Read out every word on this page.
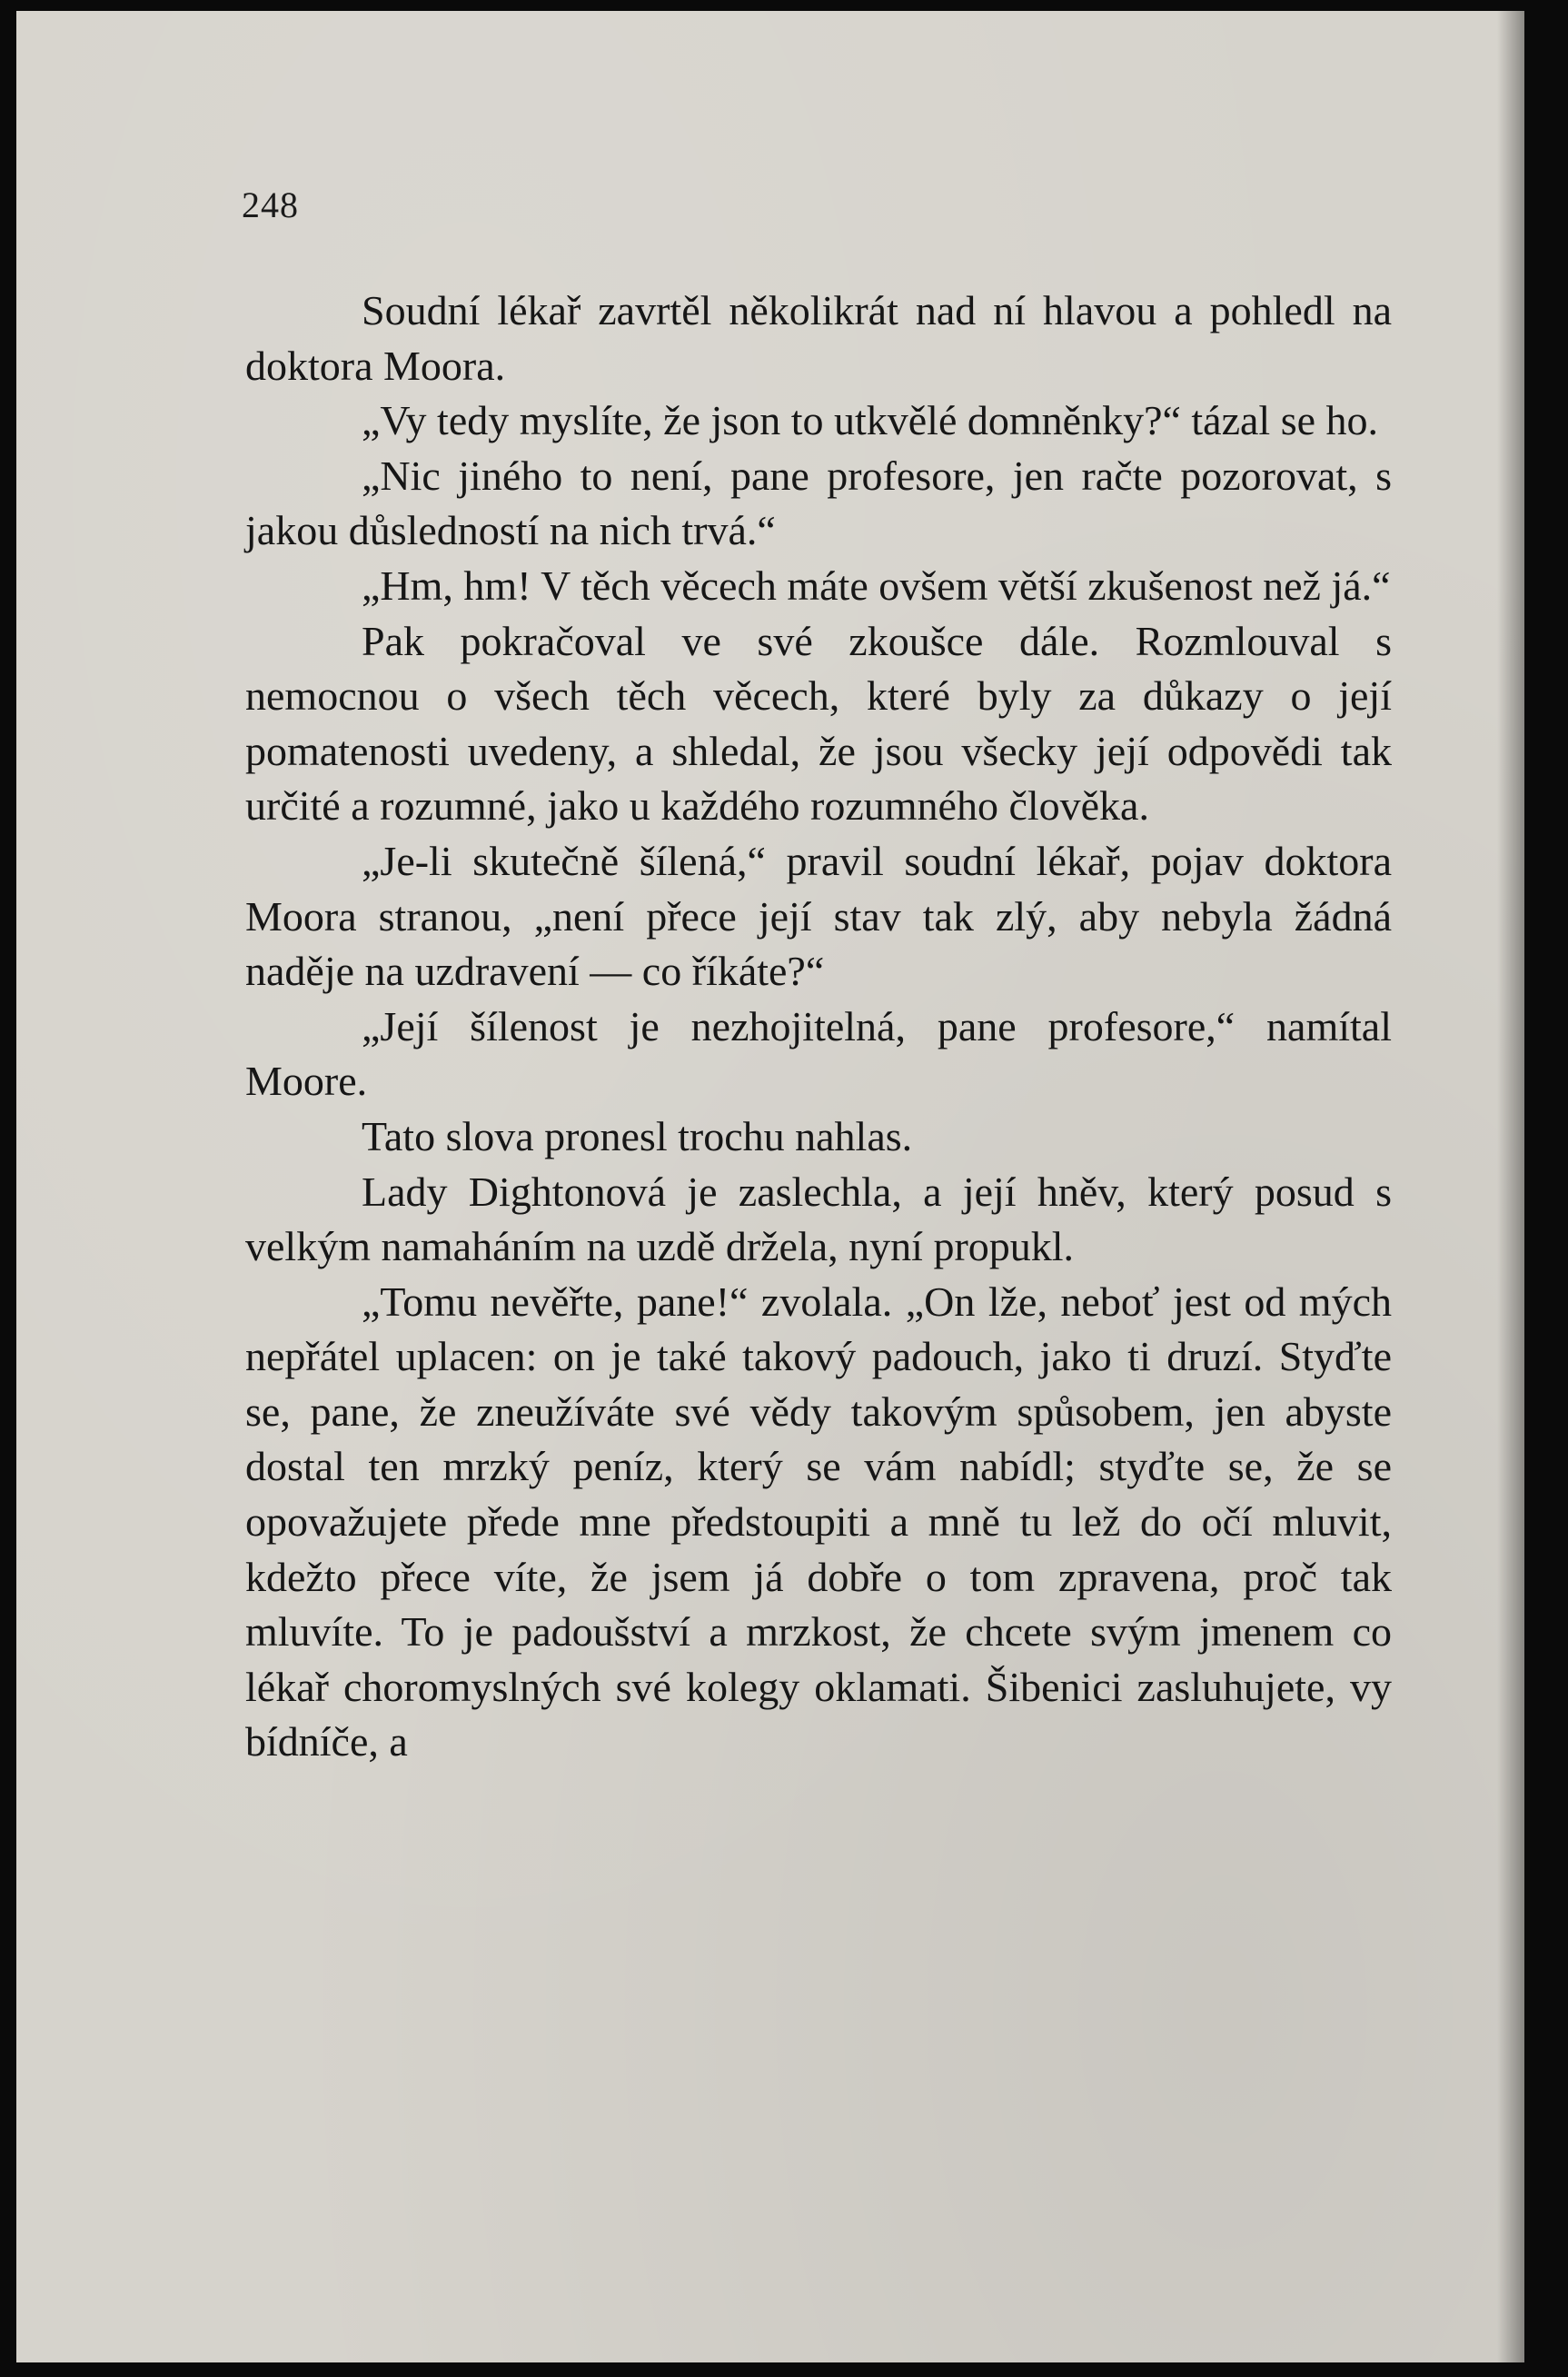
248

Soudní lékař zavrtěl několikrát nad ní hlavou a pohledl na doktora Moora.

„Vy tedy myslíte, že json to utkvělé domněnky?“ tázal se ho.

„Nic jiného to není, pane profesore, jen račte pozorovat, s jakou důsledností na nich trvá.“

„Hm, hm! V těch věcech máte ovšem větší zkušenost než já.“

Pak pokračoval ve své zkoušce dále. Rozmlouval s nemocnou o všech těch věcech, které byly za důkazy o její pomatenosti uvedeny, a shledal, že jsou všecky její odpovědi tak určité a rozumné, jako u každého rozumného člověka.

„Je-li skutečně šílená,“ pravil soudní lékař, pojav doktora Moora stranou, „není přece její stav tak zlý, aby nebyla žádná naděje na uzdravení — co říkáte?“

„Její šílenost je nezhojitelná, pane profesore,“ namítal Moore.

Tato slova pronesl trochu nahlas.

Lady Dightonová je zaslechla, a její hněv, který posud s velkým namaháním na uzdě držela, nyní propukl.

„Tomu nevěřte, pane!“ zvolala. „On lže, neboť jest od mých nepřátel uplacen: on je také takový padouch, jako ti druzí. Styďte se, pane, že zneužíváte své vědy takovým spůsobem, jen abyste dostal ten mrzký peníz, který se vám nabídl; styďte se, že se opovažujete přede mne předstoupiti a mně tu lež do očí mluvit, kdežto přece víte, že jsem já dobře o tom zpravena, proč tak mluvíte. To je padoušství a mrzkost, že chcete svým jmenem co lékař choromyslných své kolegy oklamati. Šibenici zasluhujete, vy bídníče, a
